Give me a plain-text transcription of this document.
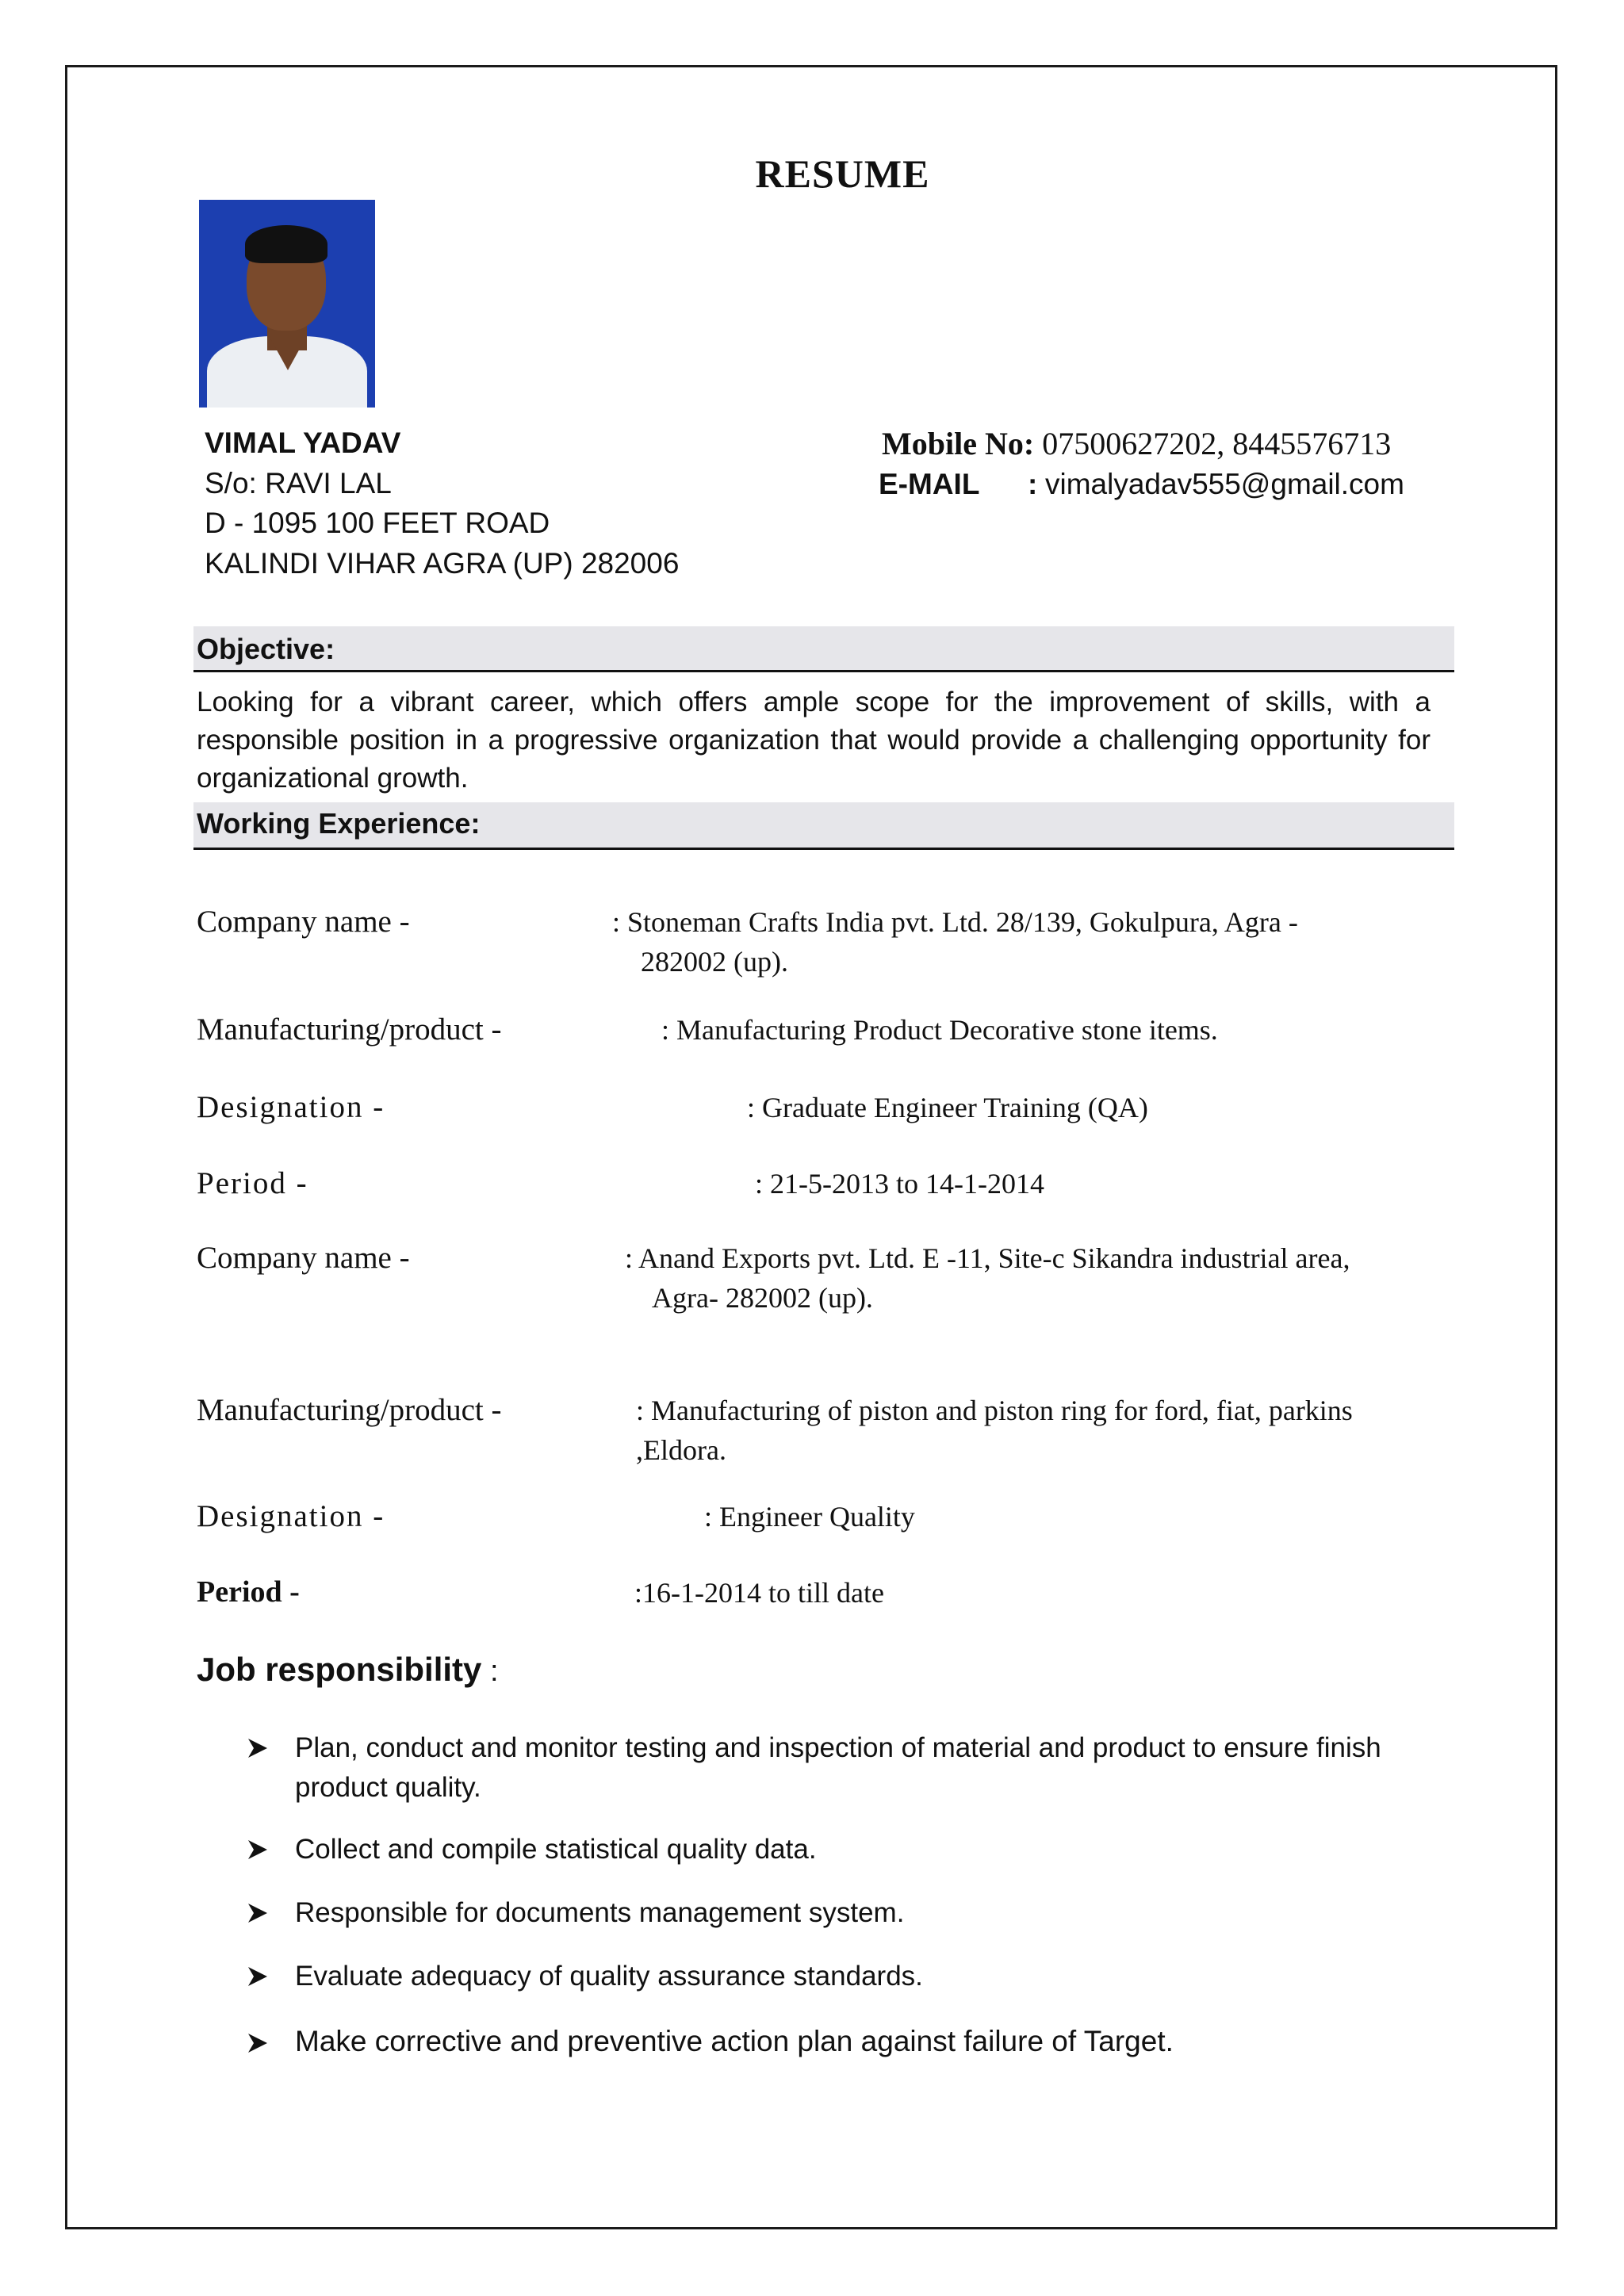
RESUME
VIMAL YADAV
S/o: RAVI LAL
D - 1095 100 FEET ROAD
KALINDI VIHAR AGRA (UP) 282006
Mobile No: 07500627202, 8445576713
E-MAIL : vimalyadav555@gmail.com
Objective:
Looking for a vibrant career, which offers ample scope for the improvement of skills, with a responsible position in a progressive organization that would provide a challenging opportunity for organizational growth.
Working Experience:
Company name -	: Stoneman Crafts India pvt. Ltd. 28/139, Gokulpura, Agra -
282002 (up).
Manufacturing/product -	: Manufacturing Product Decorative stone items.
Designation -	: Graduate Engineer Training (QA)
Period -	: 21-5-2013 to 14-1-2014
Company name -	: Anand Exports pvt. Ltd. E -11, Site-c Sikandra industrial area,
Agra- 282002 (up).
Manufacturing/product -	: Manufacturing of piston and piston ring for ford, fiat, parkins
,Eldora.
Designation -	: Engineer Quality
Period -	:16-1-2014 to till date
Job responsibility :
Plan, conduct and monitor testing and inspection of material and product to ensure finish product quality.
Collect and compile statistical quality data.
Responsible for documents management system.
Evaluate adequacy of quality assurance standards.
Make corrective and preventive action plan against failure of Target.
